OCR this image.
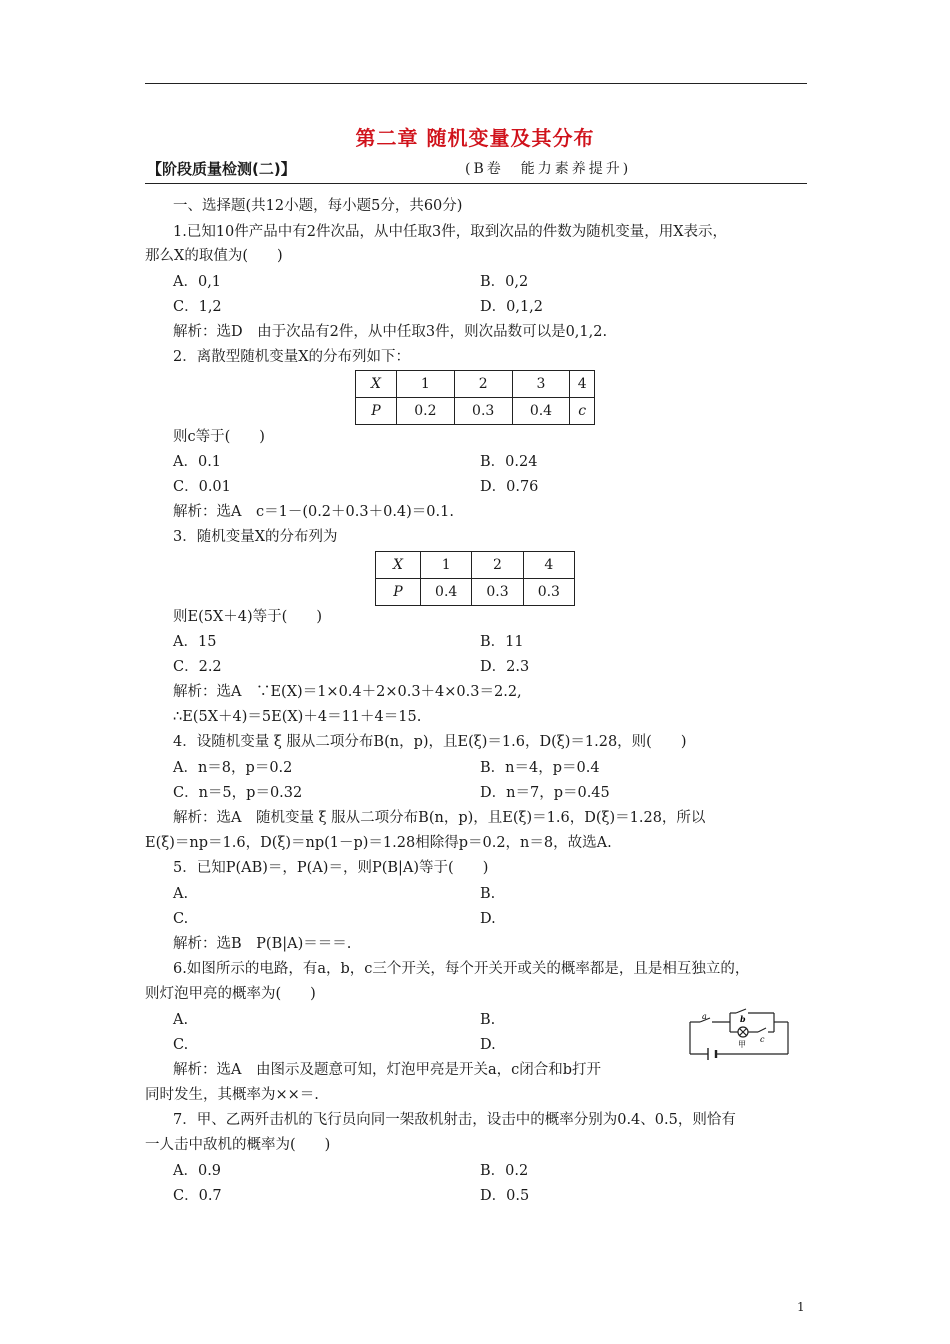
第二章 随机变量及其分布
【阶段质量检测(二)】	(B卷　能力素养提升)
一、选择题(共12小题，每小题5分，共60分)
1.已知10件产品中有2件次品，从中任取3件，取到次品的件数为随机变量，用X表示，
那么X的取值为(　　)
A．0,1	B．0,2
C．1,2	D．0,1,2
解析：选D　由于次品有2件，从中任取3件，则次品数可以是0,1,2.
2．离散型随机变量X的分布列如下：
X	1	2	3	4
P	0.2	0.3	0.4	c
则c等于(　　)
A．0.1	B．0.24
C．0.01	D．0.76
解析：选A　c＝1－(0.2＋0.3＋0.4)＝0.1.
3．随机变量X的分布列为
X	1	2	4
P	0.4	0.3	0.3
则E(5X＋4)等于(　　)
A．15	B．11
C．2.2	D．2.3
解析：选A　∵E(X)＝1×0.4＋2×0.3＋4×0.3＝2.2,
∴E(5X＋4)＝5E(X)＋4＝11＋4＝15.
4．设随机变量 ξ 服从二项分布B(n，p)，且E(ξ)＝1.6，D(ξ)＝1.28，则(　　)
A．n＝8，p＝0.2	B．n＝4，p＝0.4
C．n＝5，p＝0.32	D．n＝7，p＝0.45
解析：选A　随机变量 ξ 服从二项分布B(n，p)，且E(ξ)＝1.6，D(ξ)＝1.28，所以
E(ξ)＝np＝1.6，D(ξ)＝np(1－p)＝1.28相除得p＝0.2，n＝8，故选A.
5．已知P(AB)＝，P(A)＝，则P(B|A)等于(　　)
A.	B.
C.	D.
解析：选B　P(B|A)＝＝＝.
6.如图所示的电路，有a，b，c三个开关，每个开关开或关的概率都是，且是相互独立的，
则灯泡甲亮的概率为(　　)
A.	B.
C.	D.
解析：选A　由图示及题意可知，灯泡甲亮是开关a，c闭合和b打开
同时发生，其概率为××＝.
a	b
c
甲
7．甲、乙两歼击机的飞行员向同一架敌机射击，设击中的概率分别为0.4、0.5，则恰有
一人击中敌机的概率为(　　)
A．0.9	B．0.2
C．0.7	D．0.5
1
